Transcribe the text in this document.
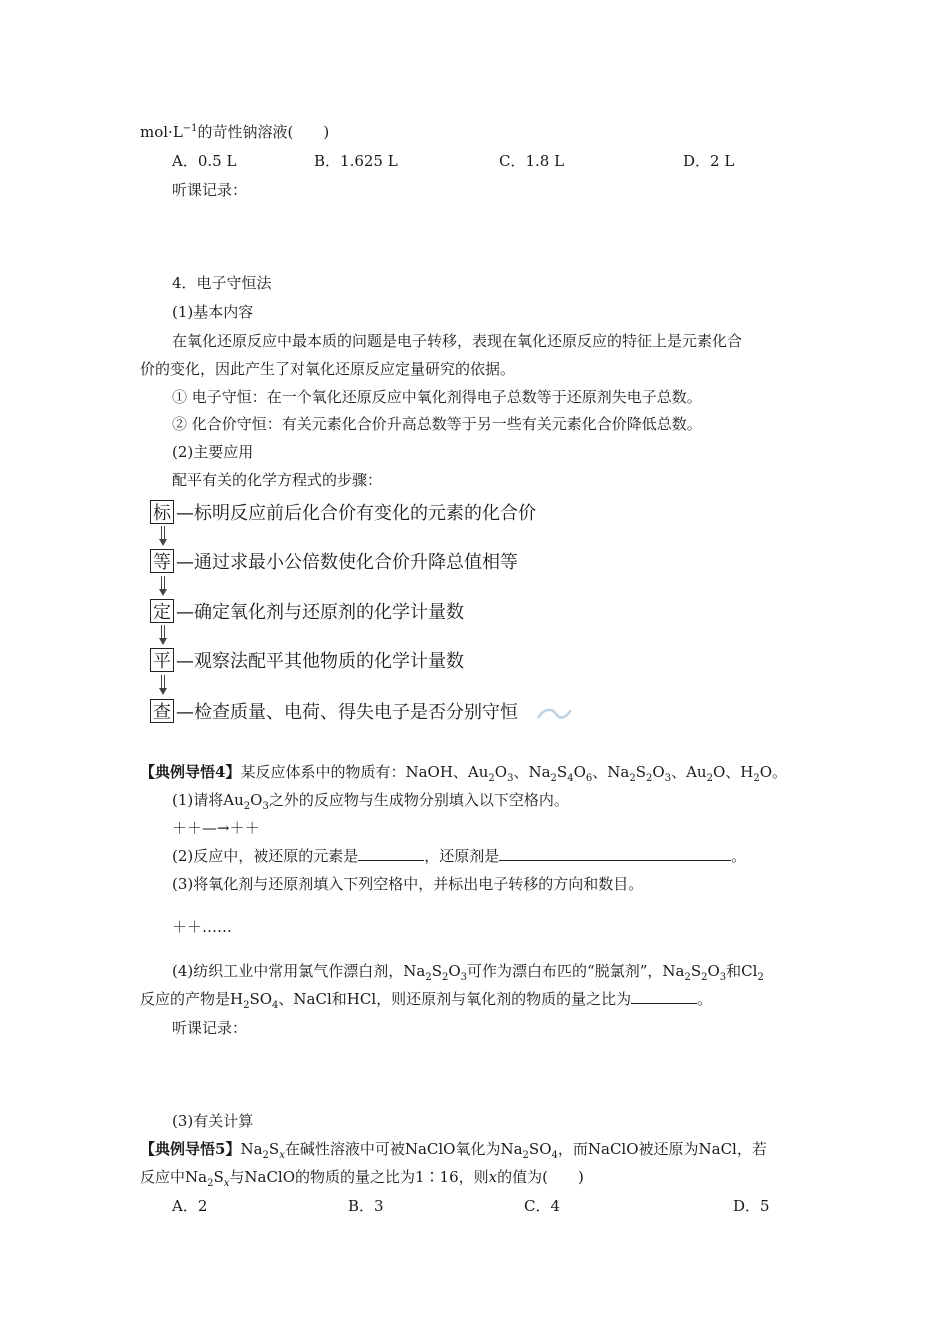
$mol\cdot L^{-1}$的苛性钠溶液(　　)
A．0.5 L	B．1.625 L	C．1.8 L	D．2 L
听课记录：
4．电子守恒法
(1)基本内容
在氧化还原反应中最本质的问题是电子转移，表现在氧化还原反应的特征上是元素化合
价的变化，因此产生了对氧化还原反应定量研究的依据。
① 电子守恒：在一个氧化还原反应中氧化剂得电子总数等于还原剂失电子总数。
② 化合价守恒：有关元素化合价升高总数等于另一些有关元素化合价降低总数。
(2)主要应用
配平有关的化学方程式的步骤：
标 —标明反应前后化合价有变化的元素的化合价
等 —通过求最小公倍数使化合价升降总值相等
定 —确定氧化剂与还原剂的化学计量数
平 —观察法配平其他物质的化学计量数
查 —检查质量、电荷、得失电子是否分别守恒
【典例导悟4】某反应体系中的物质有：NaOH、$Au_2O_3$、$Na_2S_4O_6$、$Na_2S_2O_3$、$Au_2O$、$H_2O$。
(1)请将$Au_2O_3$之外的反应物与生成物分别填入以下空格内。
＋＋—→＋＋
(2)反应中，被还原的元素是	，还原剂是	。
(3)将氧化剂与还原剂填入下列空格中，并标出电子转移的方向和数目。
＋＋……
(4)纺织工业中常用氯气作漂白剂，$Na_2S_2O_3$可作为漂白布匹的“脱氯剂”，$Na_2S_2O_3$和$Cl_2$
反应的产物是$H_2SO_4$、NaCl和HCl，则还原剂与氧化剂的物质的量之比为	。
听课记录：
(3)有关计算
【典例导悟5】$Na_2S_x$在碱性溶液中可被NaClO氧化为$Na_2SO_4$，而NaClO被还原为NaCl，若
反应中$Na_2S_x$与NaClO的物质的量之比为1∶16，则x的值为(　　)
A．2	B．3	C．4	D．5
